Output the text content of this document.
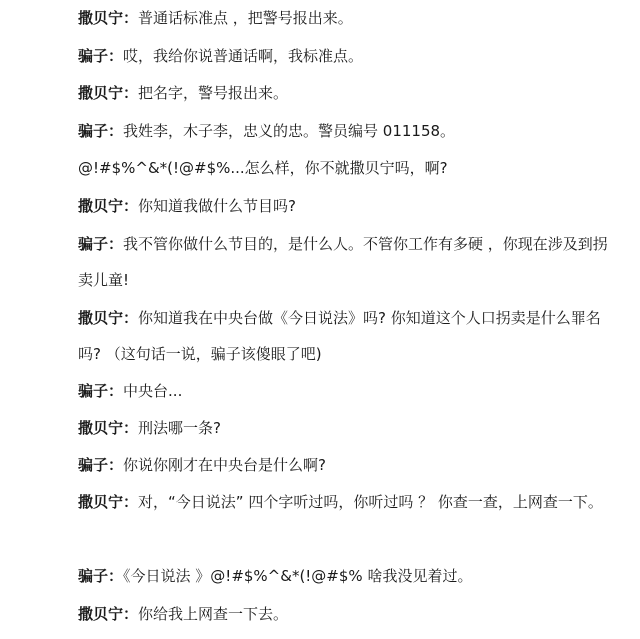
撒贝宁：普通话标准点 ，把警号报出来。
骗子：哎，我给你说普通话啊，我标准点。
撒贝宁：把名字，警号报出来。
骗子：我姓李，木子李，忠义的忠。警员编号 011158。
@!#$%^&*(!@#$%...怎么样，你不就撒贝宁吗，啊?
撒贝宁：你知道我做什么节目吗?
骗子：我不管你做什么节目的，是什么人。不管你工作有多硬 ，你现在涉及到拐卖儿童!
撒贝宁：你知道我在中央台做《今日说法》吗? 你知道这个人口拐卖是什么罪名吗? （这句话一说，骗子该傻眼了吧)
骗子：中央台...
撒贝宁：刑法哪一条?
骗子：你说你刚才在中央台是什么啊?
撒贝宁：对，“今日说法” 四个字听过吗，你听过吗 ？ 你查一查，上网查一下。
骗子：《今日说法 》@!#$%^&*(!@#$% 啥我没见着过。
撒贝宁：你给我上网查一下去。
